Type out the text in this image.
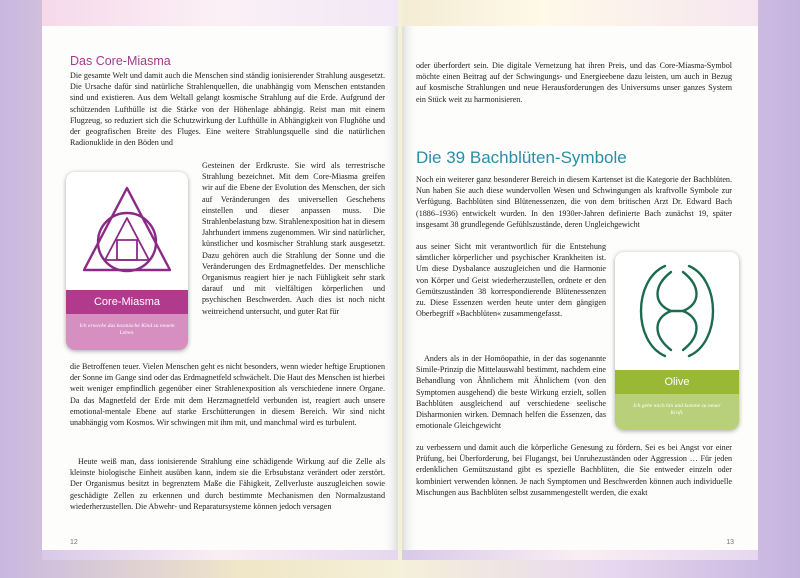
Das Core-Miasma

Die gesamte Welt und damit auch die Menschen sind ständig ionisierender Strahlung ausgesetzt. Die Ursache dafür sind natürliche Strahlenquellen, die unabhängig vom Menschen entstanden sind und existieren. Aus dem Weltall gelangt kosmische Strahlung auf die Erde. Aufgrund der schützenden Lufthülle ist die Stärke von der Höhenlage abhängig. Reist man mit einem Flugzeug, so reduziert sich die Schutzwirkung der Lufthülle in Abhängigkeit von Flughöhe und der geografischen Breite des Fluges. Eine weitere Strahlungsquelle sind die natürlichen Radionuklide in den Böden und

Gesteinen der Erdkruste. Sie wird als terrestrische Strahlung bezeichnet. Mit dem Core-Miasma greifen wir auf die Ebene der Evolution des Menschen, der sich auf Veränderungen des universellen Geschehens einstellen und dieser anpassen muss. Die Strahlenbelastung bzw. Strahlenexposition hat in diesem Jahrhundert immens zugenommen. Wir sind natürlicher, künstlicher und kosmischer Strahlung stark ausgesetzt. Dazu gehören auch die Strahlung der Sonne und die Veränderungen des Erdmagnetfeldes. Der menschliche Organismus reagiert hier je nach Fühligkeit sehr stark darauf und mit vielfältigen körperlichen und psychischen Beschwerden. Auch dies ist noch nicht weitreichend untersucht, und guter Rat für

die Betroffenen teuer. Vielen Menschen geht es nicht besonders, wenn wieder heftige Eruptionen der Sonne im Gange sind oder das Erdmagnetfeld schwächelt. Die Haut des Menschen ist hierbei weit weniger empfindlich gegenüber einer Strahlenexposition als verschiedene innere Organe. Da das Magnetfeld der Erde mit dem Herzmagnetfeld verbunden ist, reagiert auch unsere emotional-mentale Ebene auf starke Erschütterungen in diesem Bereich. Wir sind nicht unabhängig vom Kosmos. Wir schwingen mit ihm mit, und manchmal wird es turbulent.

Heute weiß man, dass ionisierende Strahlung eine schädigende Wirkung auf die Zelle als kleinste biologische Einheit ausüben kann, indem sie die Erbsubstanz verändert oder zerstört. Der Organismus besitzt in begrenztem Maße die Fähigkeit, Zellverluste auszugleichen sowie geschädigte Zellen zu erkennen und durch bestimmte Mechanismen den Normalzustand wiederherzustellen. Die Abwehr- und Reparatursysteme können jedoch versagen

12
Core-Miasma
Ich erwecke das kosmische Kind zu neuem Leben.

oder überfordert sein. Die digitale Vernetzung hat ihren Preis, und das Core-Miasma-Symbol möchte einen Beitrag auf der Schwingungs- und Energieebene dazu leisten, um auch in Bezug auf kosmische Strahlungen und neue Herausforderungen des Universums unser ganzes System ein Stück weit zu harmonisieren.

Die 39 Bachblüten-Symbole

Noch ein weiterer ganz besonderer Bereich in diesem Kartenset ist die Kategorie der Bachblüten. Nun haben Sie auch diese wundervollen Wesen und Schwingungen als kraftvolle Symbole zur Verfügung. Bachblüten sind Blütenessenzen, die von dem britischen Arzt Dr. Edward Bach (1886–1936) entwickelt wurden. In den 1930er-Jahren definierte Bach zunächst 19, später insgesamt 38 grundlegende Gefühlszustände, deren Ungleichgewicht

aus seiner Sicht mit verantwortlich für die Entstehung sämtlicher körperlicher und psychischer Krankheiten ist. Um diese Dysbalance auszugleichen und die Harmonie von Körper und Geist wiederherzustellen, ordnete er den Gemütszuständen 38 korrespondierende Blütenessenzen zu. Diese Essenzen werden heute unter dem gängigen Oberbegriff »Bachblüten« zusammengefasst.

Anders als in der Homöopathie, in der das sogenannte Simile-Prinzip die Mittelauswahl bestimmt, nachdem eine Behandlung von Ähnlichem mit Ähnlichem (von den Symptomen ausgehend) die beste Wirkung erzielt, sollen Bachblüten ausgleichend auf verschiedene seelische Disharmonien wirken. Demnach helfen die Essenzen, das emotionale Gleichgewicht

zu verbessern und damit auch die körperliche Genesung zu fördern. Sei es bei Angst vor einer Prüfung, bei Überforderung, bei Flugangst, bei Unruhezuständen oder Aggression … Für jeden erdenklichen Gemütszustand gibt es spezielle Bachblüten, die Sie entweder einzeln oder kombiniert verwenden können. Je nach Symptomen und Beschwerden können auch individuelle Mischungen aus Bachblüten selbst zusammengestellt werden, die exakt

13
Olive
Ich gebe mich hin und komme zu neuer Kraft.
